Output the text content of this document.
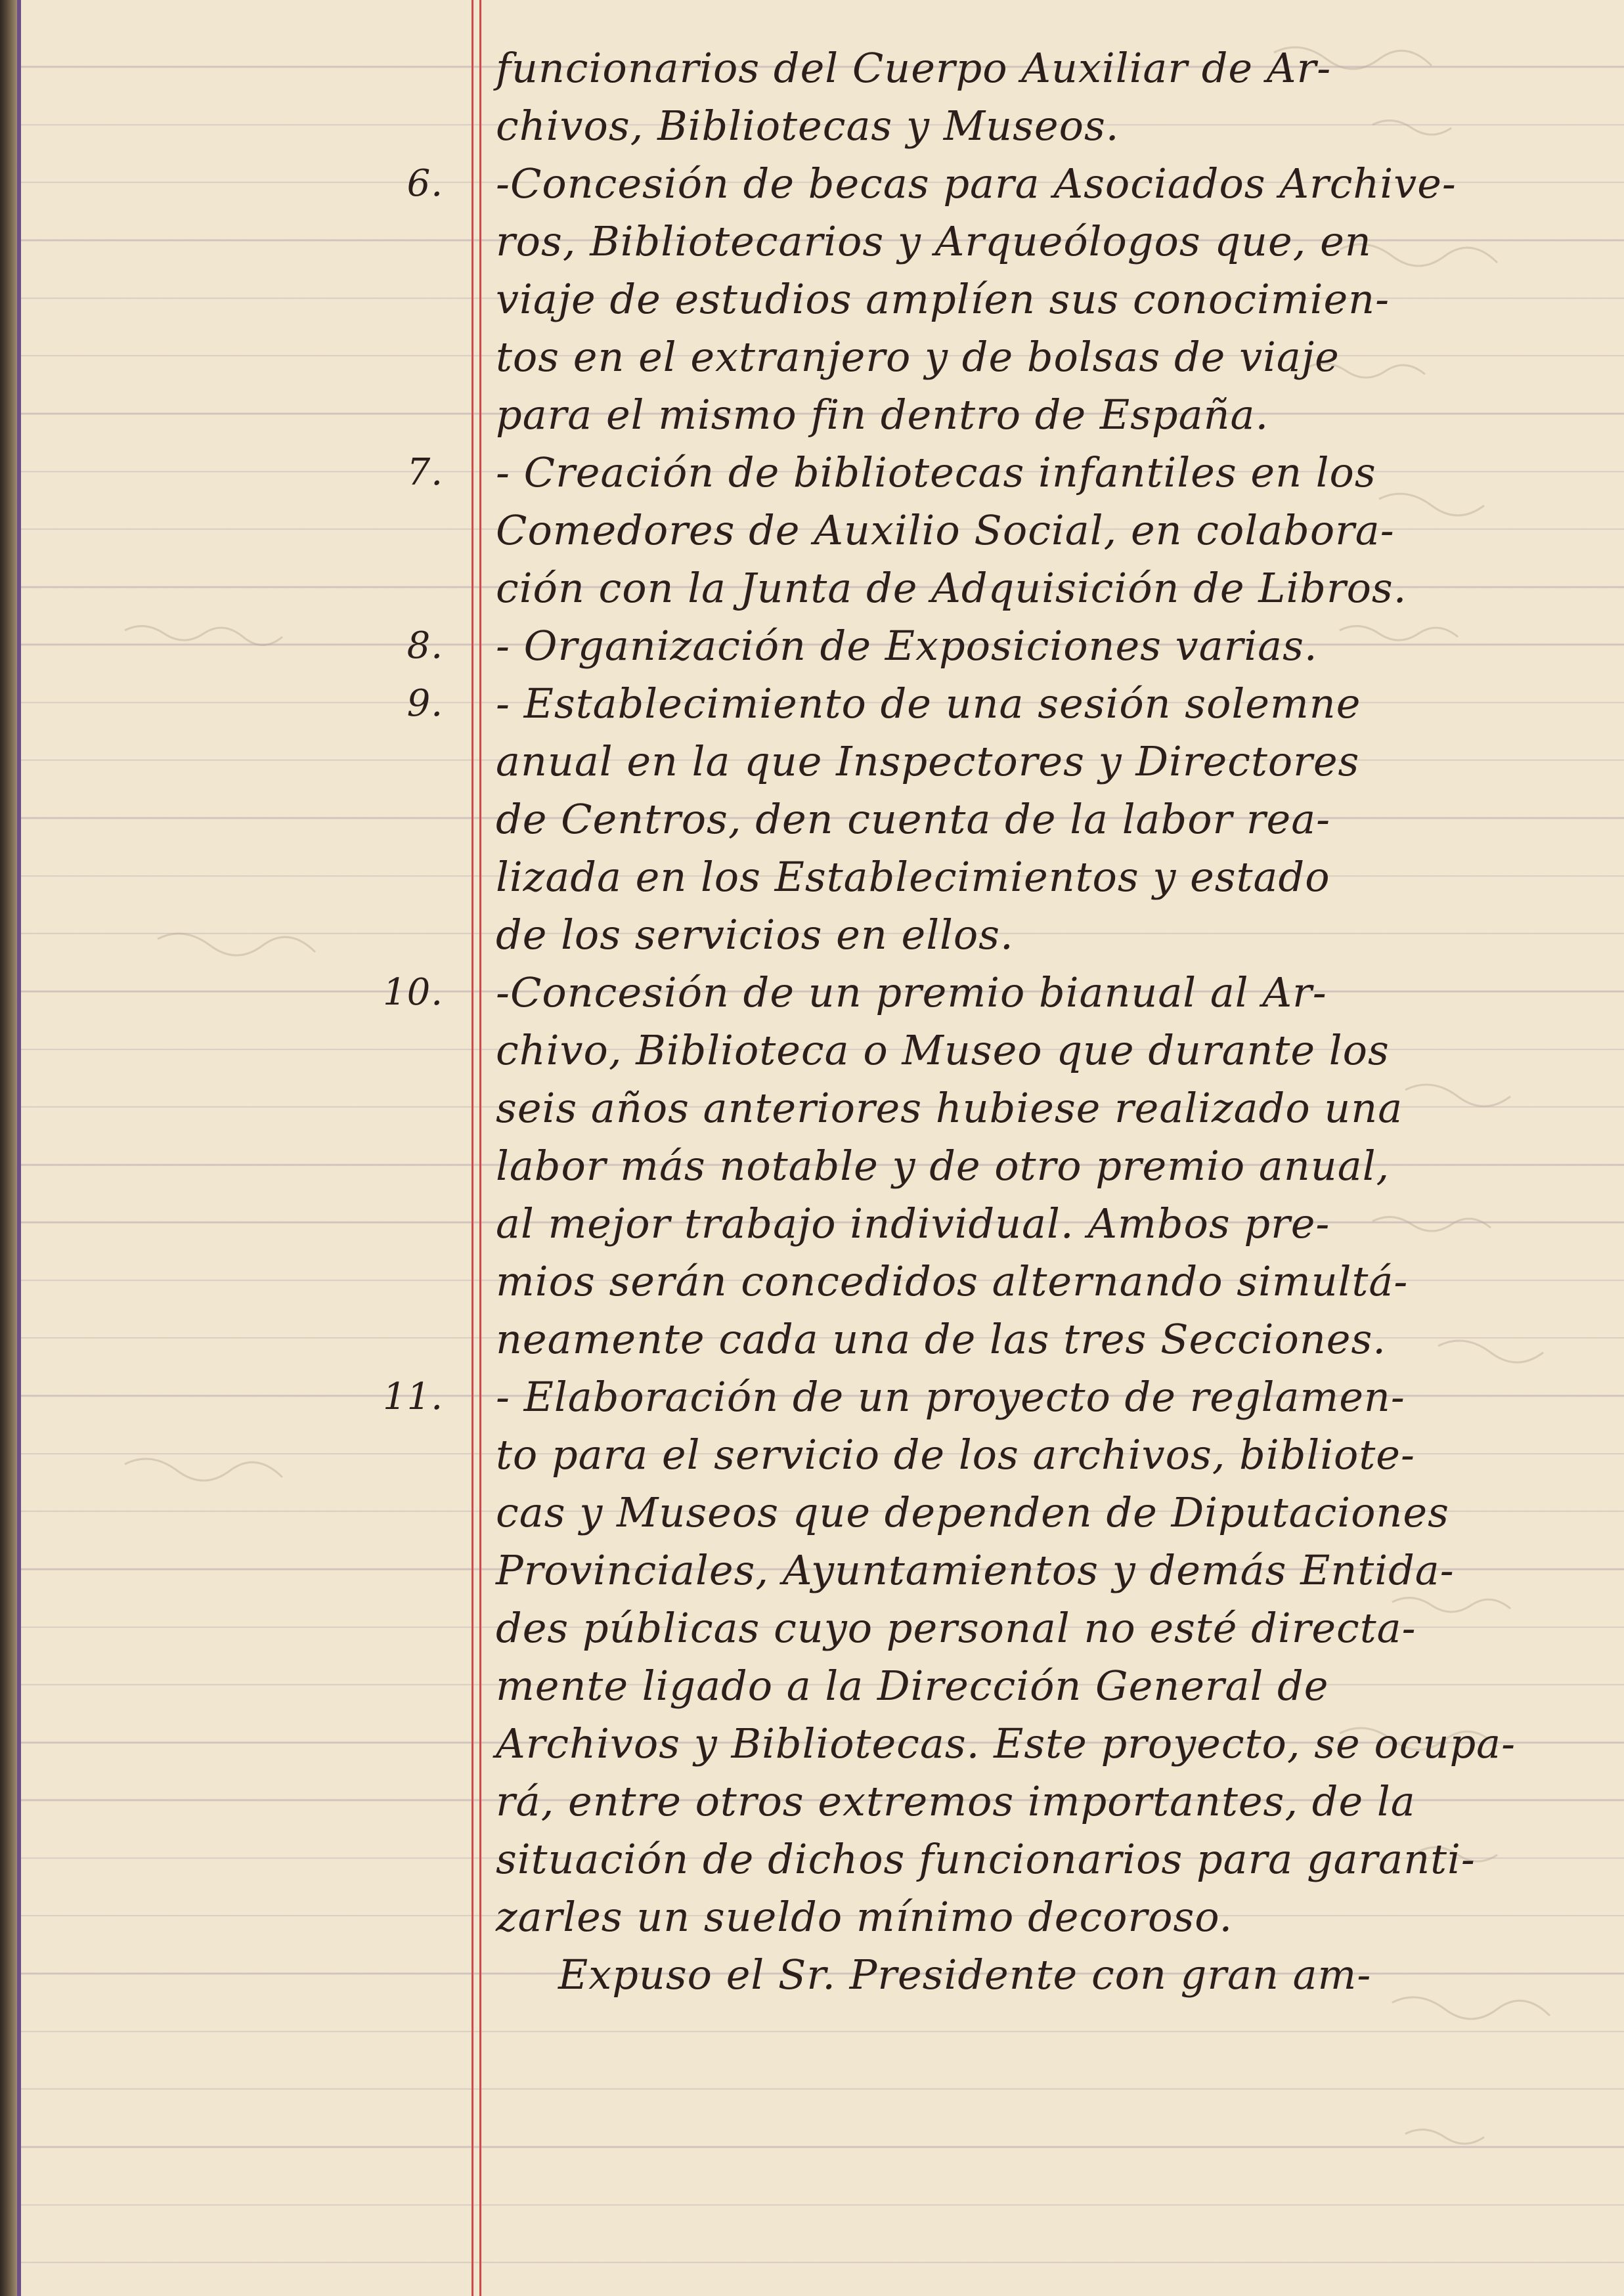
funcionarios del Cuerpo Auxiliar de Ar-
chivos, Bibliotecas y Museos.
6. -Concesión de becas para Asociados Archive-
ros, Bibliotecarios y Arqueólogos que, en
viaje de estudios amplíen sus conocimien-
tos en el extranjero y de bolsas de viaje
para el mismo fin dentro de España.
7. - Creación de bibliotecas infantiles en los
Comedores de Auxilio Social, en colabora-
ción con la Junta de Adquisición de Libros.
8. - Organización de Exposiciones varias.
9. - Establecimiento de una sesión solemne
anual en la que Inspectores y Directores
de Centros, den cuenta de la labor rea-
lizada en los Establecimientos y estado
de los servicios en ellos.
10. -Concesión de un premio bianual al Ar-
chivo, Biblioteca o Museo que durante los
seis años anteriores hubiese realizado una
labor más notable y de otro premio anual,
al mejor trabajo individual. Ambos pre-
mios serán concedidos alternando simultá-
neamente cada una de las tres Secciones.
11. - Elaboración de un proyecto de reglamen-
to para el servicio de los archivos, bibliote-
cas y Museos que dependen de Diputaciones
Provinciales, Ayuntamientos y demás Entida-
des públicas cuyo personal no esté directa-
mente ligado a la Dirección General de
Archivos y Bibliotecas. Este proyecto, se ocupa-
rá, entre otros extremos importantes, de la
situación de dichos funcionarios para garanti-
zarles un sueldo mínimo decoroso.
Expuso el Sr. Presidente con gran am-
